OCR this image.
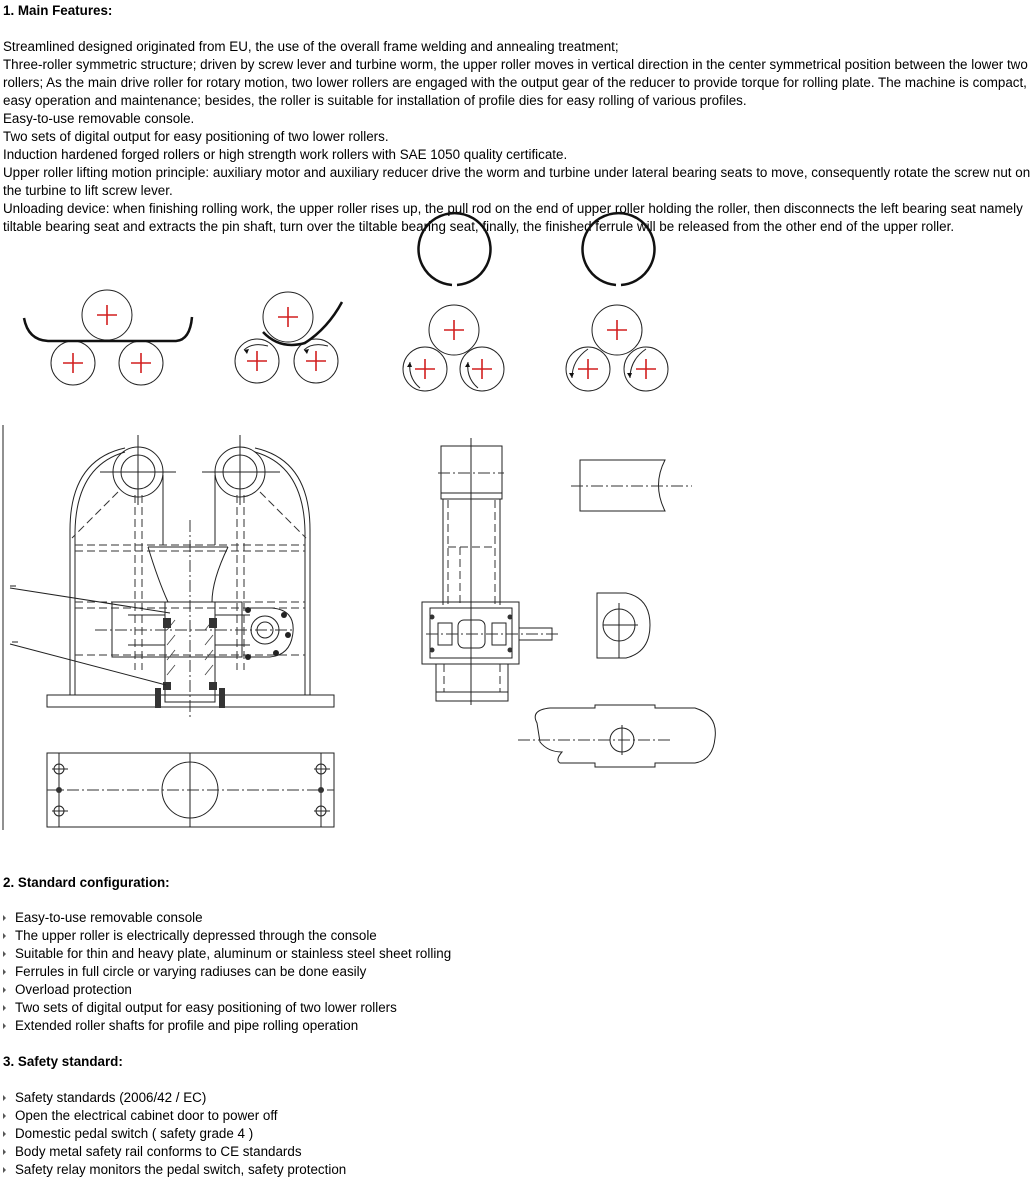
1. Main Features:
Streamlined designed originated from EU, the use of the overall frame welding and annealing treatment;
Three-roller symmetric structure; driven by screw lever and turbine worm, the upper roller moves in vertical direction in the center symmetrical position between the lower two rollers; As the main drive roller for rotary motion, two lower rollers are engaged with the output gear of the reducer to provide torque for rolling plate. The machine is compact, easy operation and maintenance; besides, the roller is suitable for installation of profile dies for easy rolling of various profiles.
Easy-to-use removable console.
Two sets of digital output for easy positioning of two lower rollers.
Induction hardened forged rollers or high strength work rollers with SAE 1050 quality certificate.
Upper roller lifting motion principle: auxiliary motor and auxiliary reducer drive the worm and turbine under lateral bearing seats to move, consequently rotate the screw nut on the turbine to lift screw lever.
Unloading device: when finishing rolling work, the upper roller rises up, the pull rod on the end of upper roller holding the roller, then disconnects the left bearing seat namely tiltable bearing seat and extracts the pin shaft, turn over the tiltable bearing seat, finally, the finished ferrule will be released from the other end of the upper roller.
2. Standard configuration:
Easy-to-use removable console
The upper roller is electrically depressed through the console
Suitable for thin and heavy plate, aluminum or stainless steel sheet rolling
Ferrules in full circle or varying radiuses can be done easily
Overload protection
Two sets of digital output for easy positioning of two lower rollers
Extended roller shafts for profile and pipe rolling operation
3. Safety standard:
Safety standards (2006/42 / EC)
Open the electrical cabinet door to power off
Domestic pedal switch ( safety grade 4 )
Body metal safety rail conforms to CE standards
Safety relay monitors the pedal switch, safety protection
